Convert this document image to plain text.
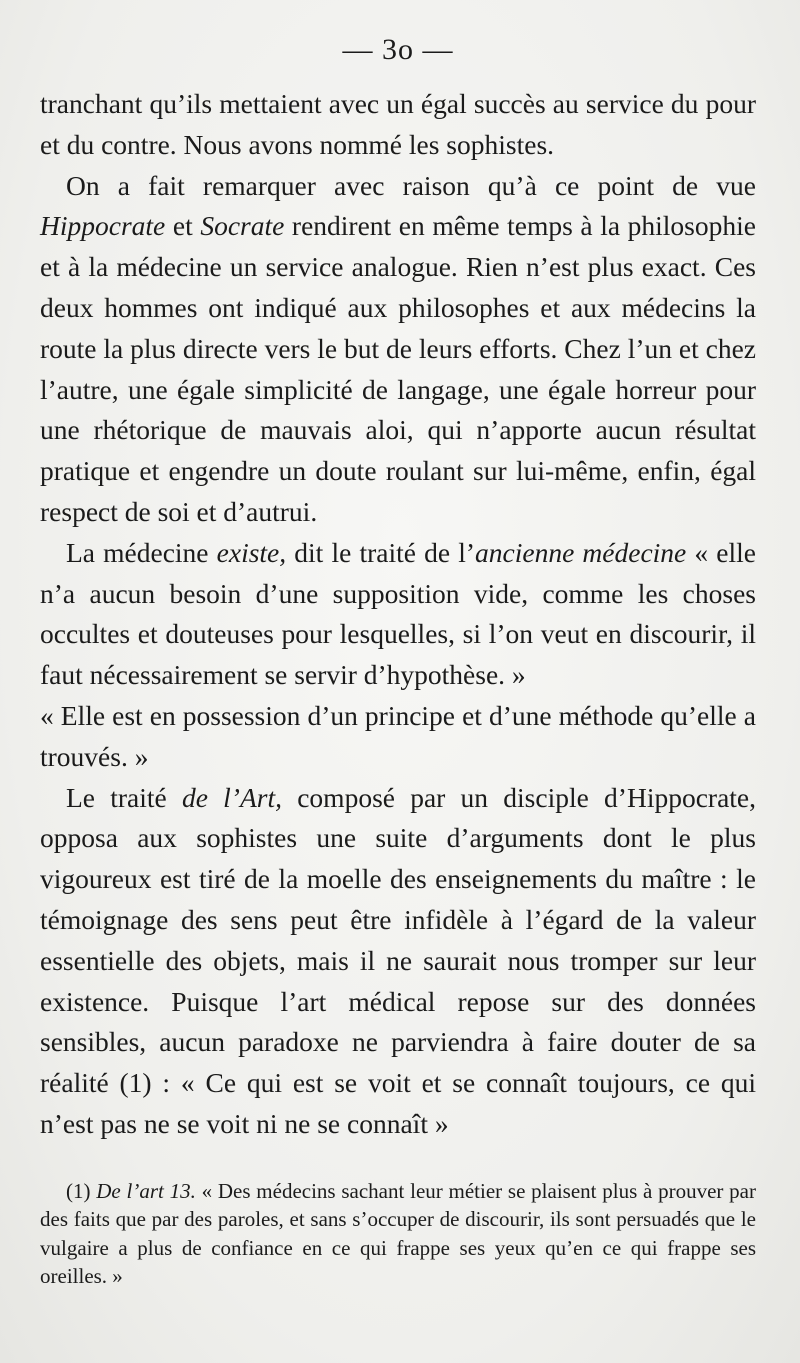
— 3o —

tranchant qu’ils mettaient avec un égal succès au service du pour et du contre. Nous avons nommé les sophistes.

On a fait remarquer avec raison qu’à ce point de vue Hippocrate et Socrate rendirent en même temps à la philosophie et à la médecine un service analogue. Rien n’est plus exact. Ces deux hommes ont indiqué aux philosophes et aux médecins la route la plus directe vers le but de leurs efforts. Chez l’un et chez l’autre, une égale simplicité de langage, une égale horreur pour une rhétorique de mauvais aloi, qui n’apporte aucun résultat pratique et engendre un doute roulant sur lui-même, enfin, égal respect de soi et d’autrui.

La médecine existe, dit le traité de l’ancienne médecine « elle n’a aucun besoin d’une supposition vide, comme les choses occultes et douteuses pour lesquelles, si l’on veut en discourir, il faut nécessairement se servir d’hypothèse. »

« Elle est en possession d’un principe et d’une méthode qu’elle a trouvés. »

Le traité de l’Art, composé par un disciple d’Hippocrate, opposa aux sophistes une suite d’arguments dont le plus vigoureux est tiré de la moelle des enseignements du maître : le témoignage des sens peut être infidèle à l’égard de la valeur essentielle des objets, mais il ne saurait nous tromper sur leur existence. Puisque l’art médical repose sur des données sensibles, aucun paradoxe ne parviendra à faire douter de sa réalité (1) : « Ce qui est se voit et se connaît toujours, ce qui n’est pas ne se voit ni ne se connaît »

(1) De l’art 13. « Des médecins sachant leur métier se plaisent plus à prouver par des faits que par des paroles, et sans s’occuper de discourir, ils sont persuadés que le vulgaire a plus de confiance en ce qui frappe ses yeux qu’en ce qui frappe ses oreilles. »
